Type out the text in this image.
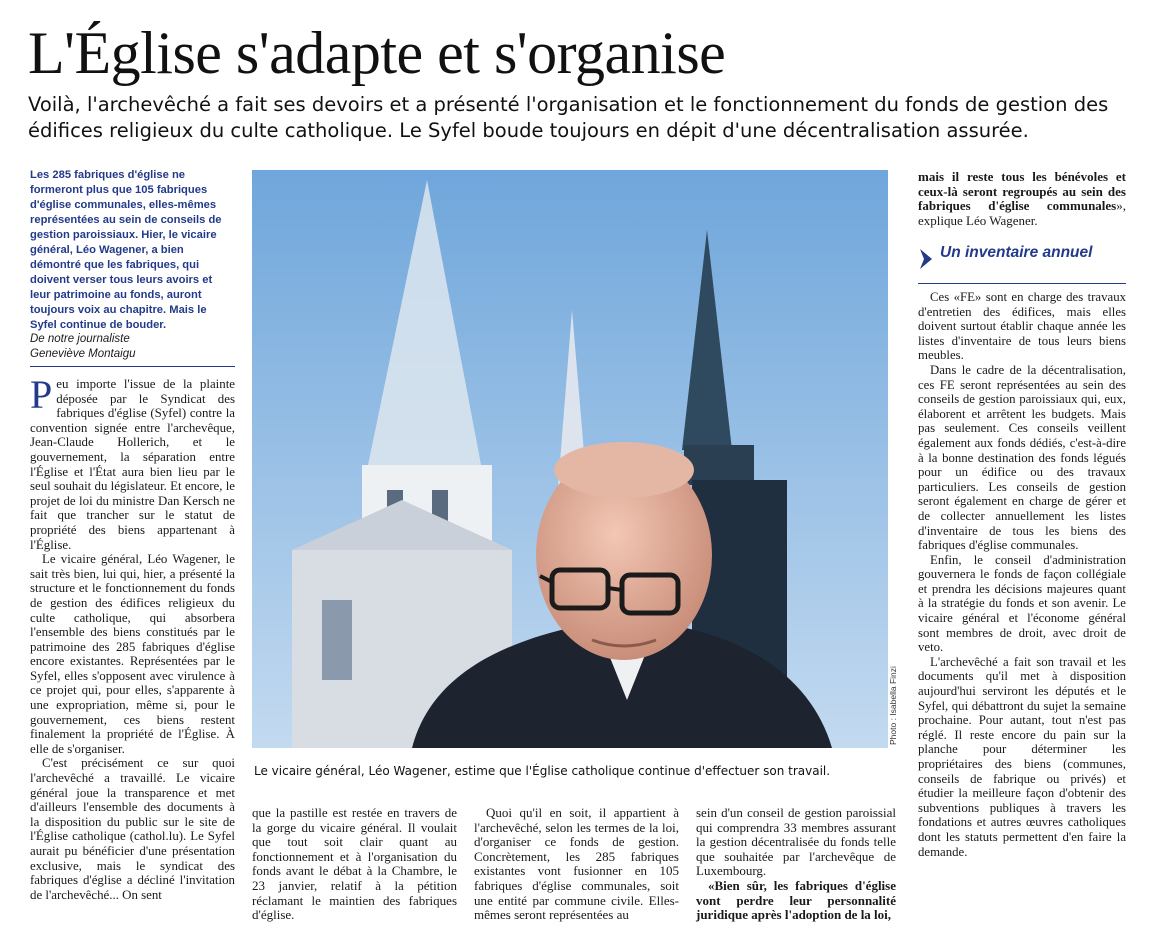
L'Église s'adapte et s'organise
Voilà, l'archevêché a fait ses devoirs et a présenté l'organisation et le fonctionnement du fonds de gestion des édifices religieux du culte catholique. Le Syfel boude toujours en dépit d'une décentralisation assurée.
Les 285 fabriques d'église ne formeront plus que 105 fabriques d'église communales, elles-mêmes représentées au sein de conseils de gestion paroissiaux. Hier, le vicaire général, Léo Wagener, a bien démontré que les fabriques, qui doivent verser tous leurs avoirs et leur patrimoine au fonds, auront toujours voix au chapitre. Mais le Syfel continue de bouder.
De notre journaliste
Geneviève Montaigu

Peu importe l'issue de la plainte déposée par le Syndicat des fabriques d'église (Syfel) contre la convention signée entre l'archevêque, Jean-Claude Hollerich, et le gouvernement, la séparation entre l'Église et l'État aura bien lieu par le seul souhait du législateur. Et encore, le projet de loi du ministre Dan Kersch ne fait que trancher sur le statut de propriété des biens appartenant à l'Église.

Le vicaire général, Léo Wagener, le sait très bien, lui qui, hier, a présenté la structure et le fonctionnement du fonds de gestion des édifices religieux du culte catholique, qui absorbera l'ensemble des biens constitués par le patrimoine des 285 fabriques d'église encore existantes. Représentées par le Syfel, elles s'opposent avec virulence à ce projet qui, pour elles, s'apparente à une expropriation, même si, pour le gouvernement, ces biens restent finalement la propriété de l'Église. À elle de s'organiser.

C'est précisément ce sur quoi l'archevêché a travaillé. Le vicaire général joue la transparence et met d'ailleurs l'ensemble des documents à la disposition du public sur le site de l'Église catholique (cathol.lu). Le Syfel aurait pu bénéficier d'une présentation exclusive, mais le syndicat des fabriques d'église a décliné l'invitation de l'archevêché... On sent

Photo : Isabella Finzi
Le vicaire général, Léo Wagener, estime que l'Église catholique continue d'effectuer son travail.

que la pastille est restée en travers de la gorge du vicaire général. Il voulait que tout soit clair quant au fonctionnement et à l'organisation du fonds avant le débat à la Chambre, le 23 janvier, relatif à la pétition réclamant le maintien des fabriques d'église.

Quoi qu'il en soit, il appartient à l'archevêché, selon les termes de la loi, d'organiser ce fonds de gestion. Concrètement, les 285 fabriques existantes vont fusionner en 105 fabriques d'église communales, soit une entité par commune civile. Elles-mêmes seront représentées au

sein d'un conseil de gestion paroissial qui comprendra 33 membres assurant la gestion décentralisée du fonds telle que souhaitée par l'archevêque de Luxembourg.

«Bien sûr, les fabriques d'église vont perdre leur personnalité juridique après l'adoption de la loi,

mais il reste tous les bénévoles et ceux-là seront regroupés au sein des fabriques d'église communales», explique Léo Wagener.

Un inventaire annuel

Ces «FE» sont en charge des travaux d'entretien des édifices, mais elles doivent surtout établir chaque année les listes d'inventaire de tous leurs biens meubles.

Dans le cadre de la décentralisation, ces FE seront représentées au sein des conseils de gestion paroissiaux qui, eux, élaborent et arrêtent les budgets. Mais pas seulement. Ces conseils veillent également aux fonds dédiés, c'est-à-dire à la bonne destination des fonds légués pour un édifice ou des travaux particuliers. Les conseils de gestion seront également en charge de gérer et de collecter annuellement les listes d'inventaire de tous les biens des fabriques d'église communales.

Enfin, le conseil d'administration gouvernera le fonds de façon collégiale et prendra les décisions majeures quant à la stratégie du fonds et son avenir. Le vicaire général et l'économe général sont membres de droit, avec droit de veto.

L'archevêché a fait son travail et les documents qu'il met à disposition aujourd'hui serviront les députés et le Syfel, qui débattront du sujet la semaine prochaine. Pour autant, tout n'est pas réglé. Il reste encore du pain sur la planche pour déterminer les propriétaires des biens (communes, conseils de fabrique ou privés) et étudier la meilleure façon d'obtenir des subventions publiques à travers les fondations et autres œuvres catholiques dont les statuts permettent d'en faire la demande.
